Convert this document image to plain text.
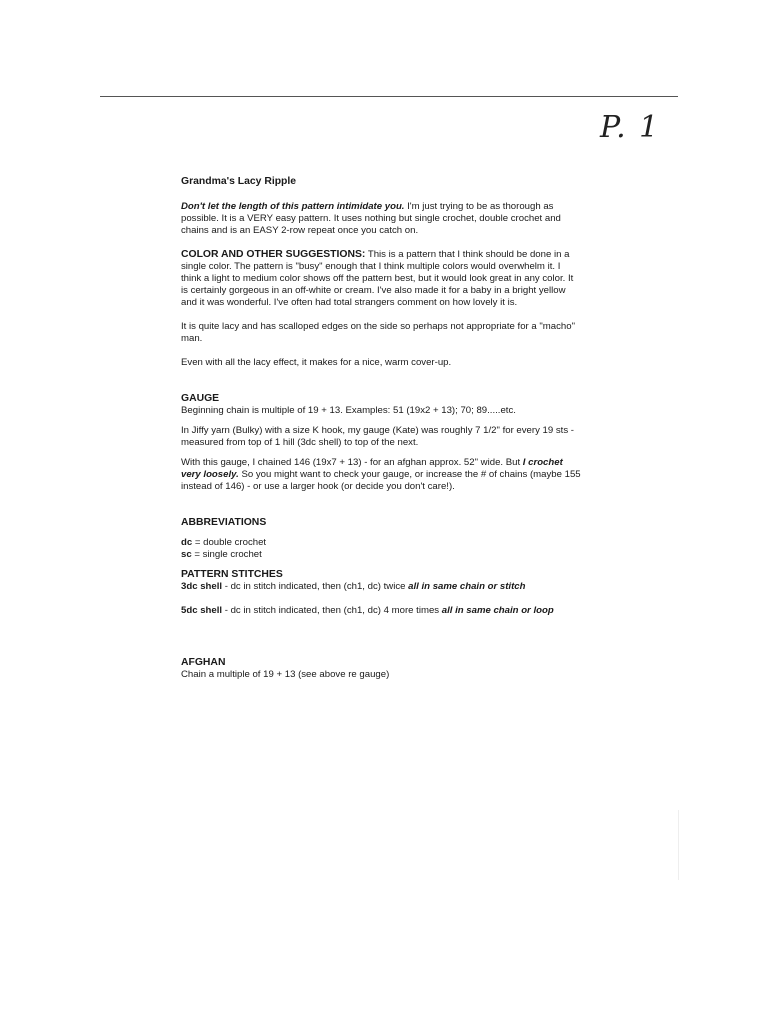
P. 1

Grandma's Lacy Ripple

Don't let the length of this pattern intimidate you. I'm just trying to be as thorough as possible. It is a VERY easy pattern. It uses nothing but single crochet, double crochet and chains and is an EASY 2-row repeat once you catch on.

COLOR AND OTHER SUGGESTIONS: This is a pattern that I think should be done in a single color. The pattern is "busy" enough that I think multiple colors would overwhelm it. I think a light to medium color shows off the pattern best, but it would look great in any color. It is certainly gorgeous in an off-white or cream. I've also made it for a baby in a bright yellow and it was wonderful. I've often had total strangers comment on how lovely it is.

It is quite lacy and has scalloped edges on the side so perhaps not appropriate for a "macho" man.

Even with all the lacy effect, it makes for a nice, warm cover-up.

GAUGE

Beginning chain is multiple of 19 + 13. Examples: 51 (19x2 + 13); 70; 89.....etc.

In Jiffy yarn (Bulky) with a size K hook, my gauge (Kate) was roughly 7 1/2" for every 19 sts - measured from top of 1 hill (3dc shell) to top of the next.

With this gauge, I chained 146 (19x7 + 13) - for an afghan approx. 52" wide. But I crochet very loosely. So you might want to check your gauge, or increase the # of chains (maybe 155 instead of 146) - or use a larger hook (or decide you don't care!).

ABBREVIATIONS

dc = double crochet

sc = single crochet

PATTERN STITCHES

3dc shell - dc in stitch indicated, then (ch1, dc) twice all in same chain or stitch

5dc shell - dc in stitch indicated, then (ch1, dc) 4 more times all in same chain or loop

AFGHAN

Chain a multiple of 19 + 13 (see above re gauge)
